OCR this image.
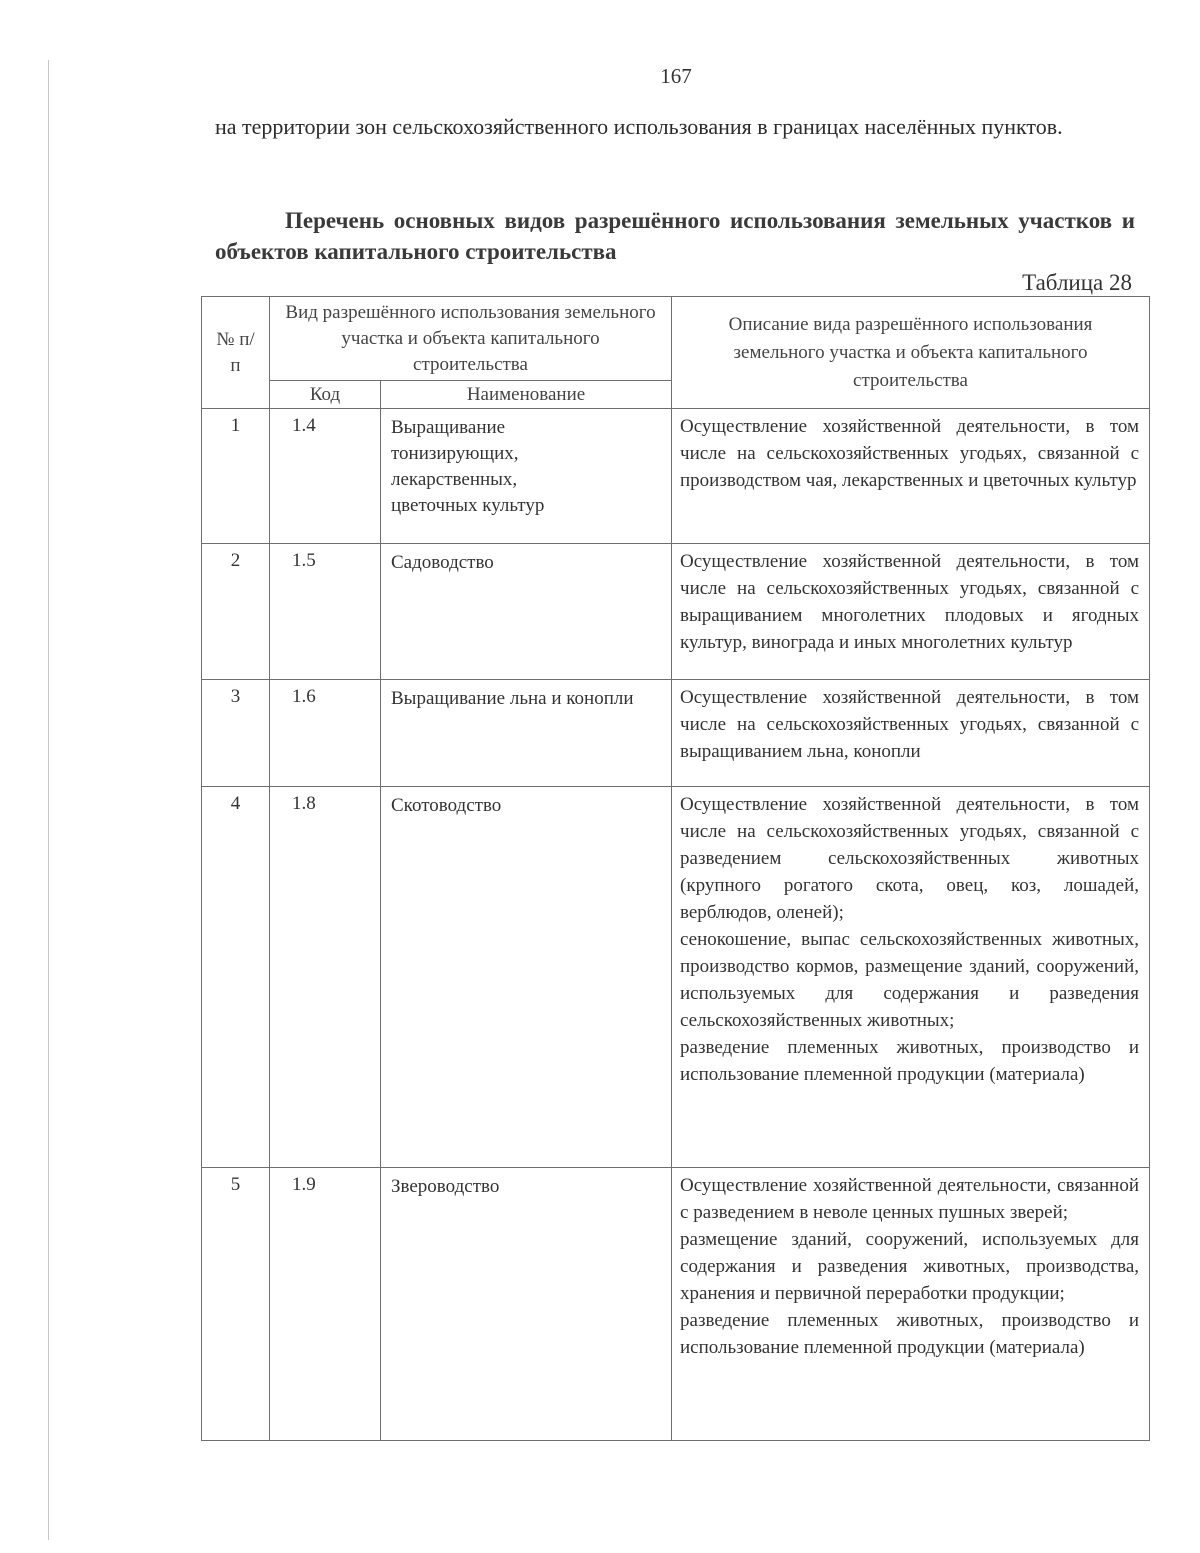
167
на территории зон сельскохозяйственного использования в границах населённых пунктов.
Перечень основных видов разрешённого использования земельных участков и объектов капитального строительства
Таблица 28
№ п/п	Вид разрешённого использования земельного участка и объекта капитального строительства		Описание вида разрешённого использования земельного участка и объекта капитального строительства
	Код	Наименование	
1	1.4	Выращивание тонизирующих, лекарственных, цветочных культур	Осуществление хозяйственной деятельности, в том числе на сельскохозяйственных угодьях, связанной с производством чая, лекарственных и цветочных культур

2	1.5	Садоводство	Осуществление хозяйственной деятельности, в том числе на сельскохозяйственных угодьях, связанной с выращиванием многолетних плодовых и ягодных культур, винограда и иных многолетних культур

3	1.6	Выращивание льна и конопли	Осуществление хозяйственной деятельности, в том числе на сельскохозяйственных угодьях, связанной с выращиванием льна, конопли

4	1.8	Скотоводство	Осуществление хозяйственной деятельности, в том числе на сельскохозяйственных угодьях, связанной с разведением сельскохозяйственных животных (крупного рогатого скота, овец, коз, лошадей, верблюдов, оленей);
сенокошение, выпас сельскохозяйственных животных, производство кормов, размещение зданий, сооружений, используемых для содержания и разведения сельскохозяйственных животных;
разведение племенных животных, производство и использование племенной продукции (материала)

5	1.9	Звероводство	Осуществление хозяйственной деятельности, связанной с разведением в неволе ценных пушных зверей;
размещение зданий, сооружений, используемых для содержания и разведения животных, производства, хранения и первичной переработки продукции;
разведение племенных животных, производство и использование племенной продукции (материала)
